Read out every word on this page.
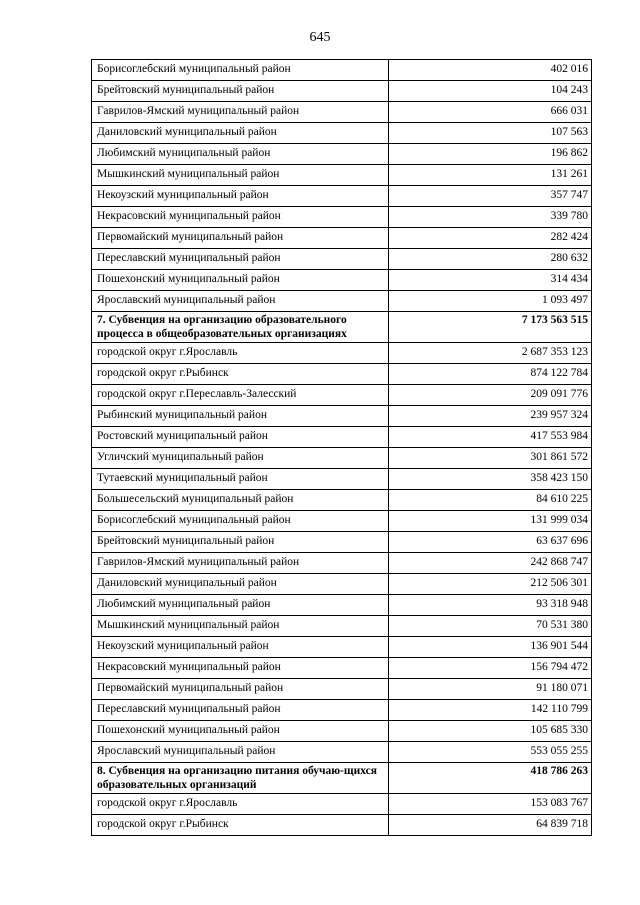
645
Борисоглебский муниципальный район	402 016
Брейтовский муниципальный район	104 243
Гаврилов-Ямский муниципальный район	666 031
Даниловский муниципальный район	107 563
Любимский муниципальный район	196 862
Мышкинский муниципальный район	131 261
Некоузский муниципальный район	357 747
Некрасовский муниципальный район	339 780
Первомайский муниципальный район	282 424
Переславский муниципальный район	280 632
Пошехонский муниципальный район	314 434
Ярославский муниципальный район	1 093 497
7. Субвенция на организацию образовательного процесса в общеобразовательных организациях	7 173 563 515
городской округ г.Ярославль	2 687 353 123
городской округ г.Рыбинск	874 122 784
городской округ г.Переславль-Залесский	209 091 776
Рыбинский муниципальный район	239 957 324
Ростовский муниципальный район	417 553 984
Угличский муниципальный район	301 861 572
Тутаевский муниципальный район	358 423 150
Большесельский муниципальный район	84 610 225
Борисоглебский муниципальный район	131 999 034
Брейтовский муниципальный район	63 637 696
Гаврилов-Ямский муниципальный район	242 868 747
Даниловский муниципальный район	212 506 301
Любимский муниципальный район	93 318 948
Мышкинский муниципальный район	70 531 380
Некоузский муниципальный район	136 901 544
Некрасовский муниципальный район	156 794 472
Первомайский муниципальный район	91 180 071
Переславский муниципальный район	142 110 799
Пошехонский муниципальный район	105 685 330
Ярославский муниципальный район	553 055 255
8. Субвенция на организацию питания обучаю-щихся образовательных организаций	418 786 263
городской округ г.Ярославль	153 083 767
городской округ г.Рыбинск	64 839 718
